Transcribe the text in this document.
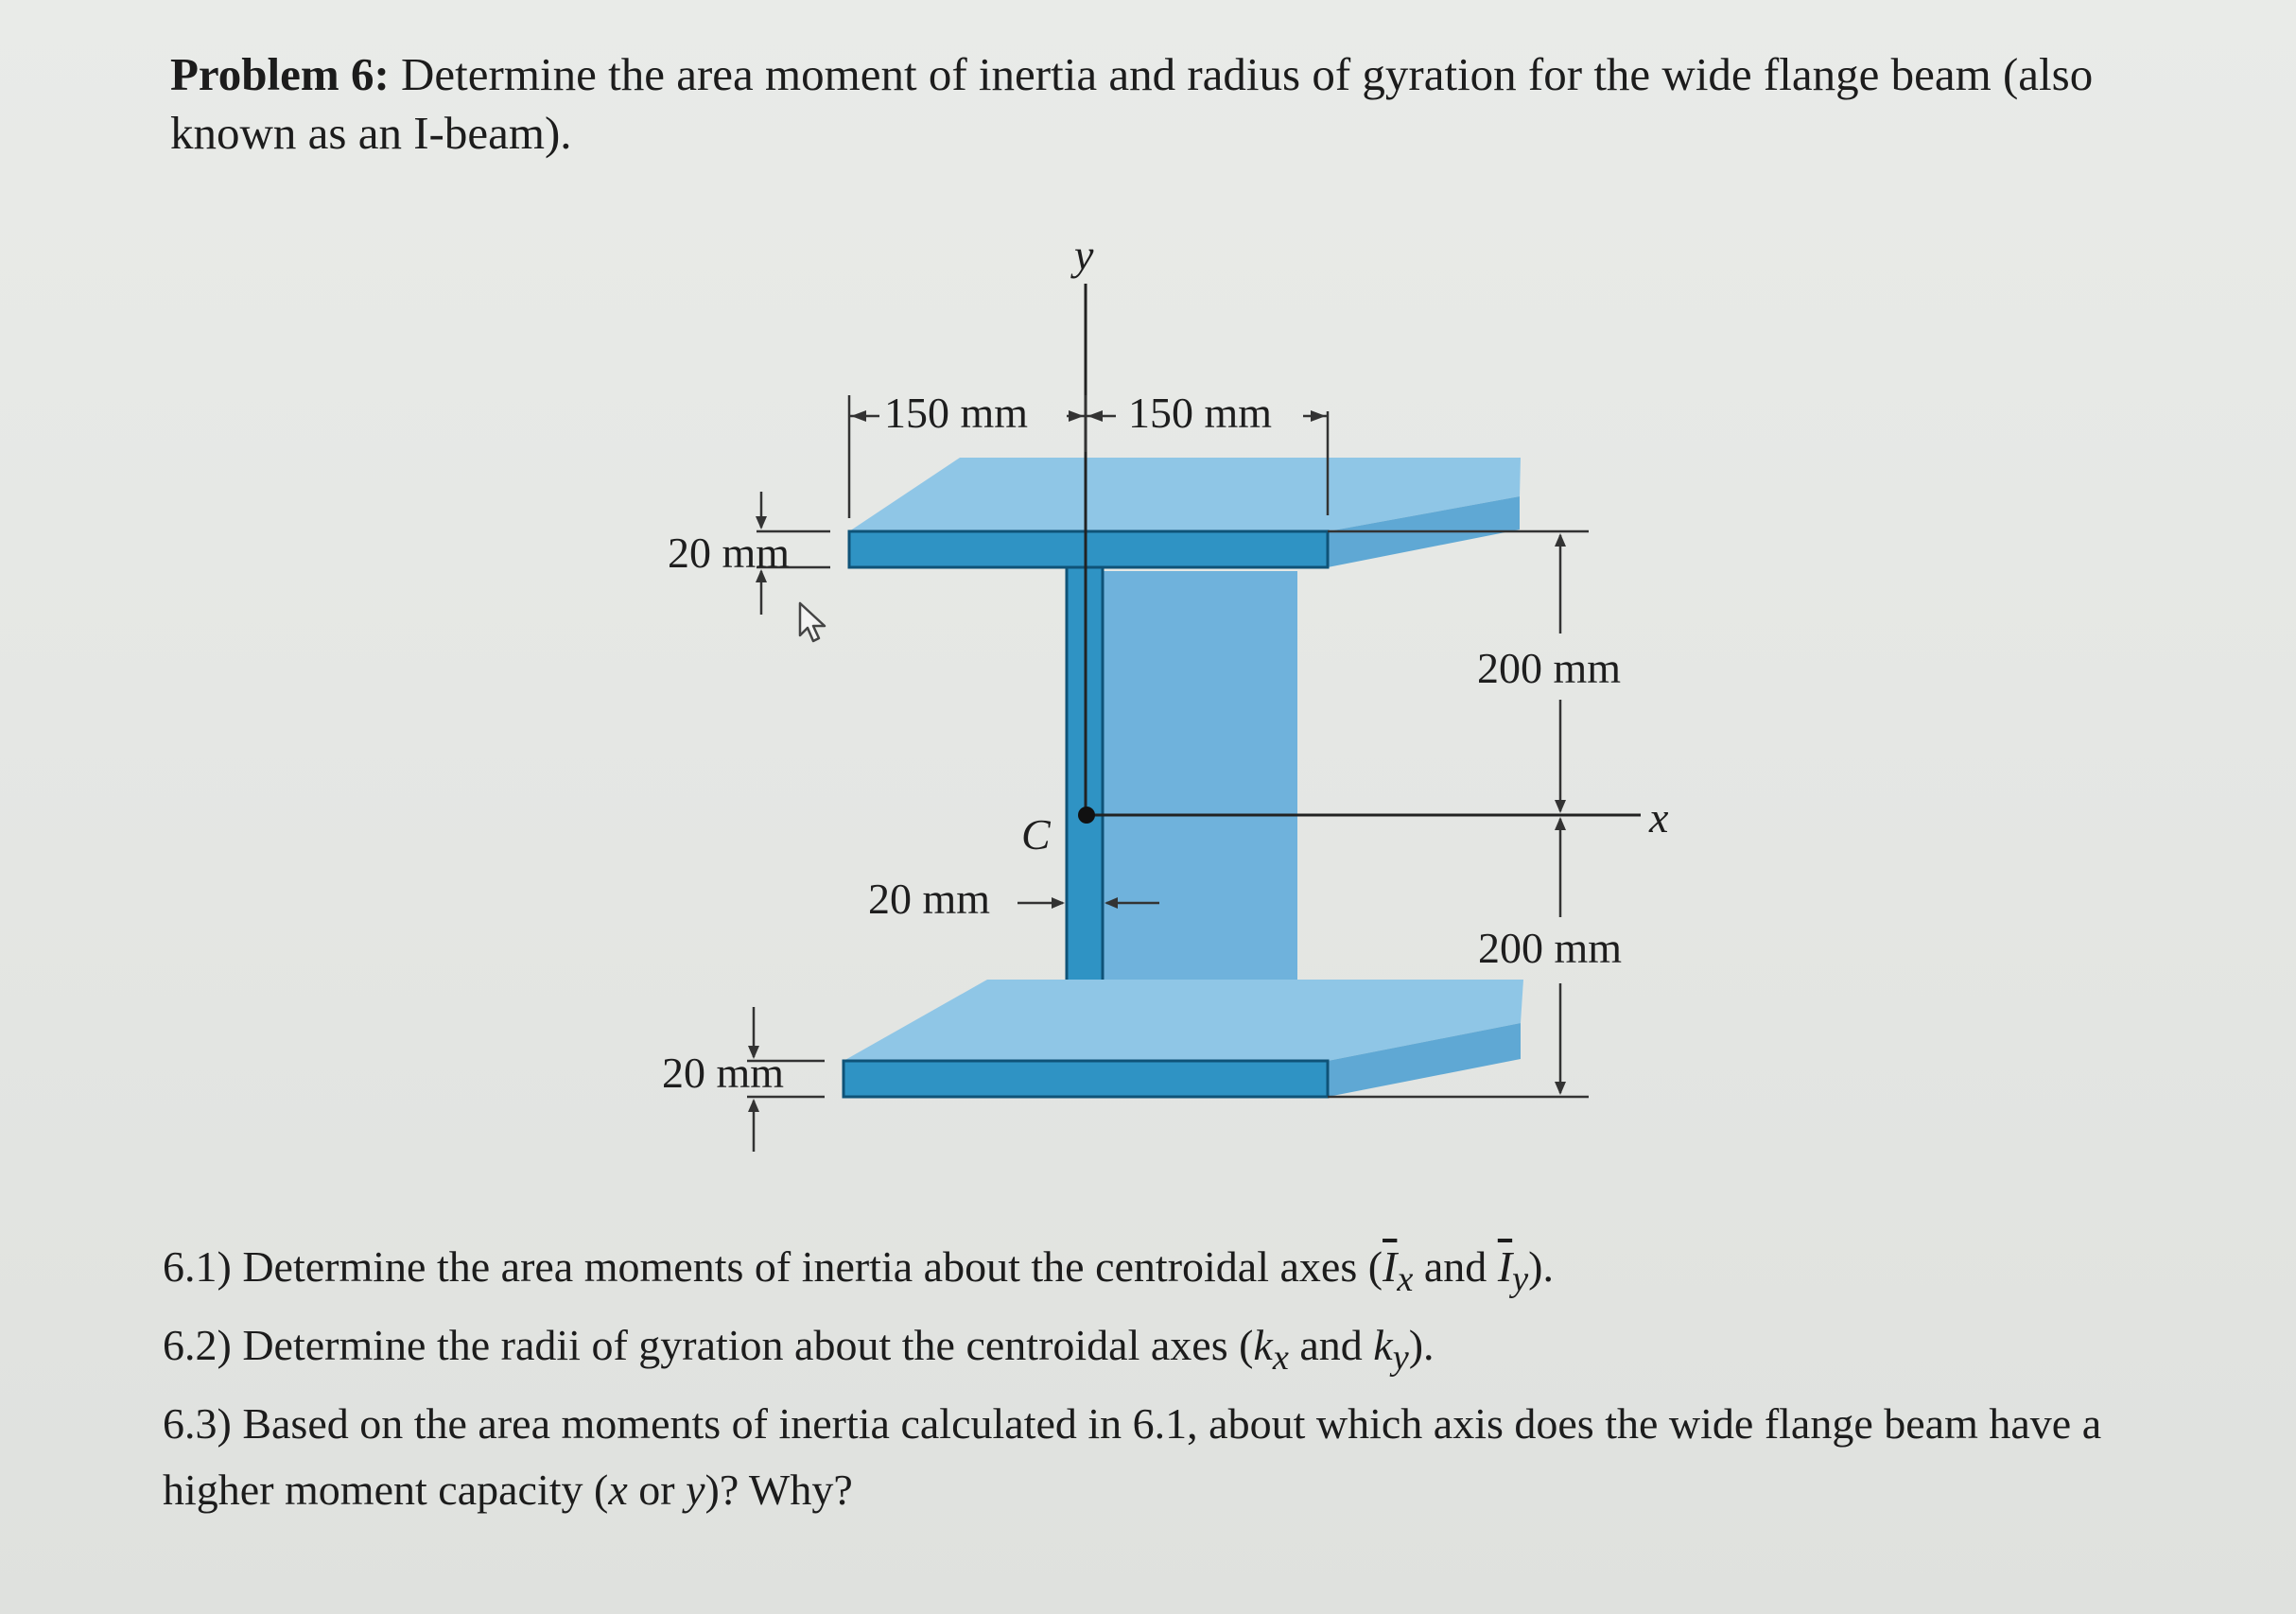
Problem 6: Determine the area moment of inertia and radius of gyration for the wide flange beam (also known as an I-beam).

y
x
C
150 mm 150 mm
20 mm
20 mm
20 mm
200 mm
200 mm

6.1) Determine the area moments of inertia about the centroidal axes ($\overline{I}_x$ and $\overline{I}_y$).

6.2) Determine the radii of gyration about the centroidal axes ($k_x$ and $k_y$).

6.3) Based on the area moments of inertia calculated in 6.1, about which axis does the wide flange beam have a higher moment capacity (x or y)? Why?
